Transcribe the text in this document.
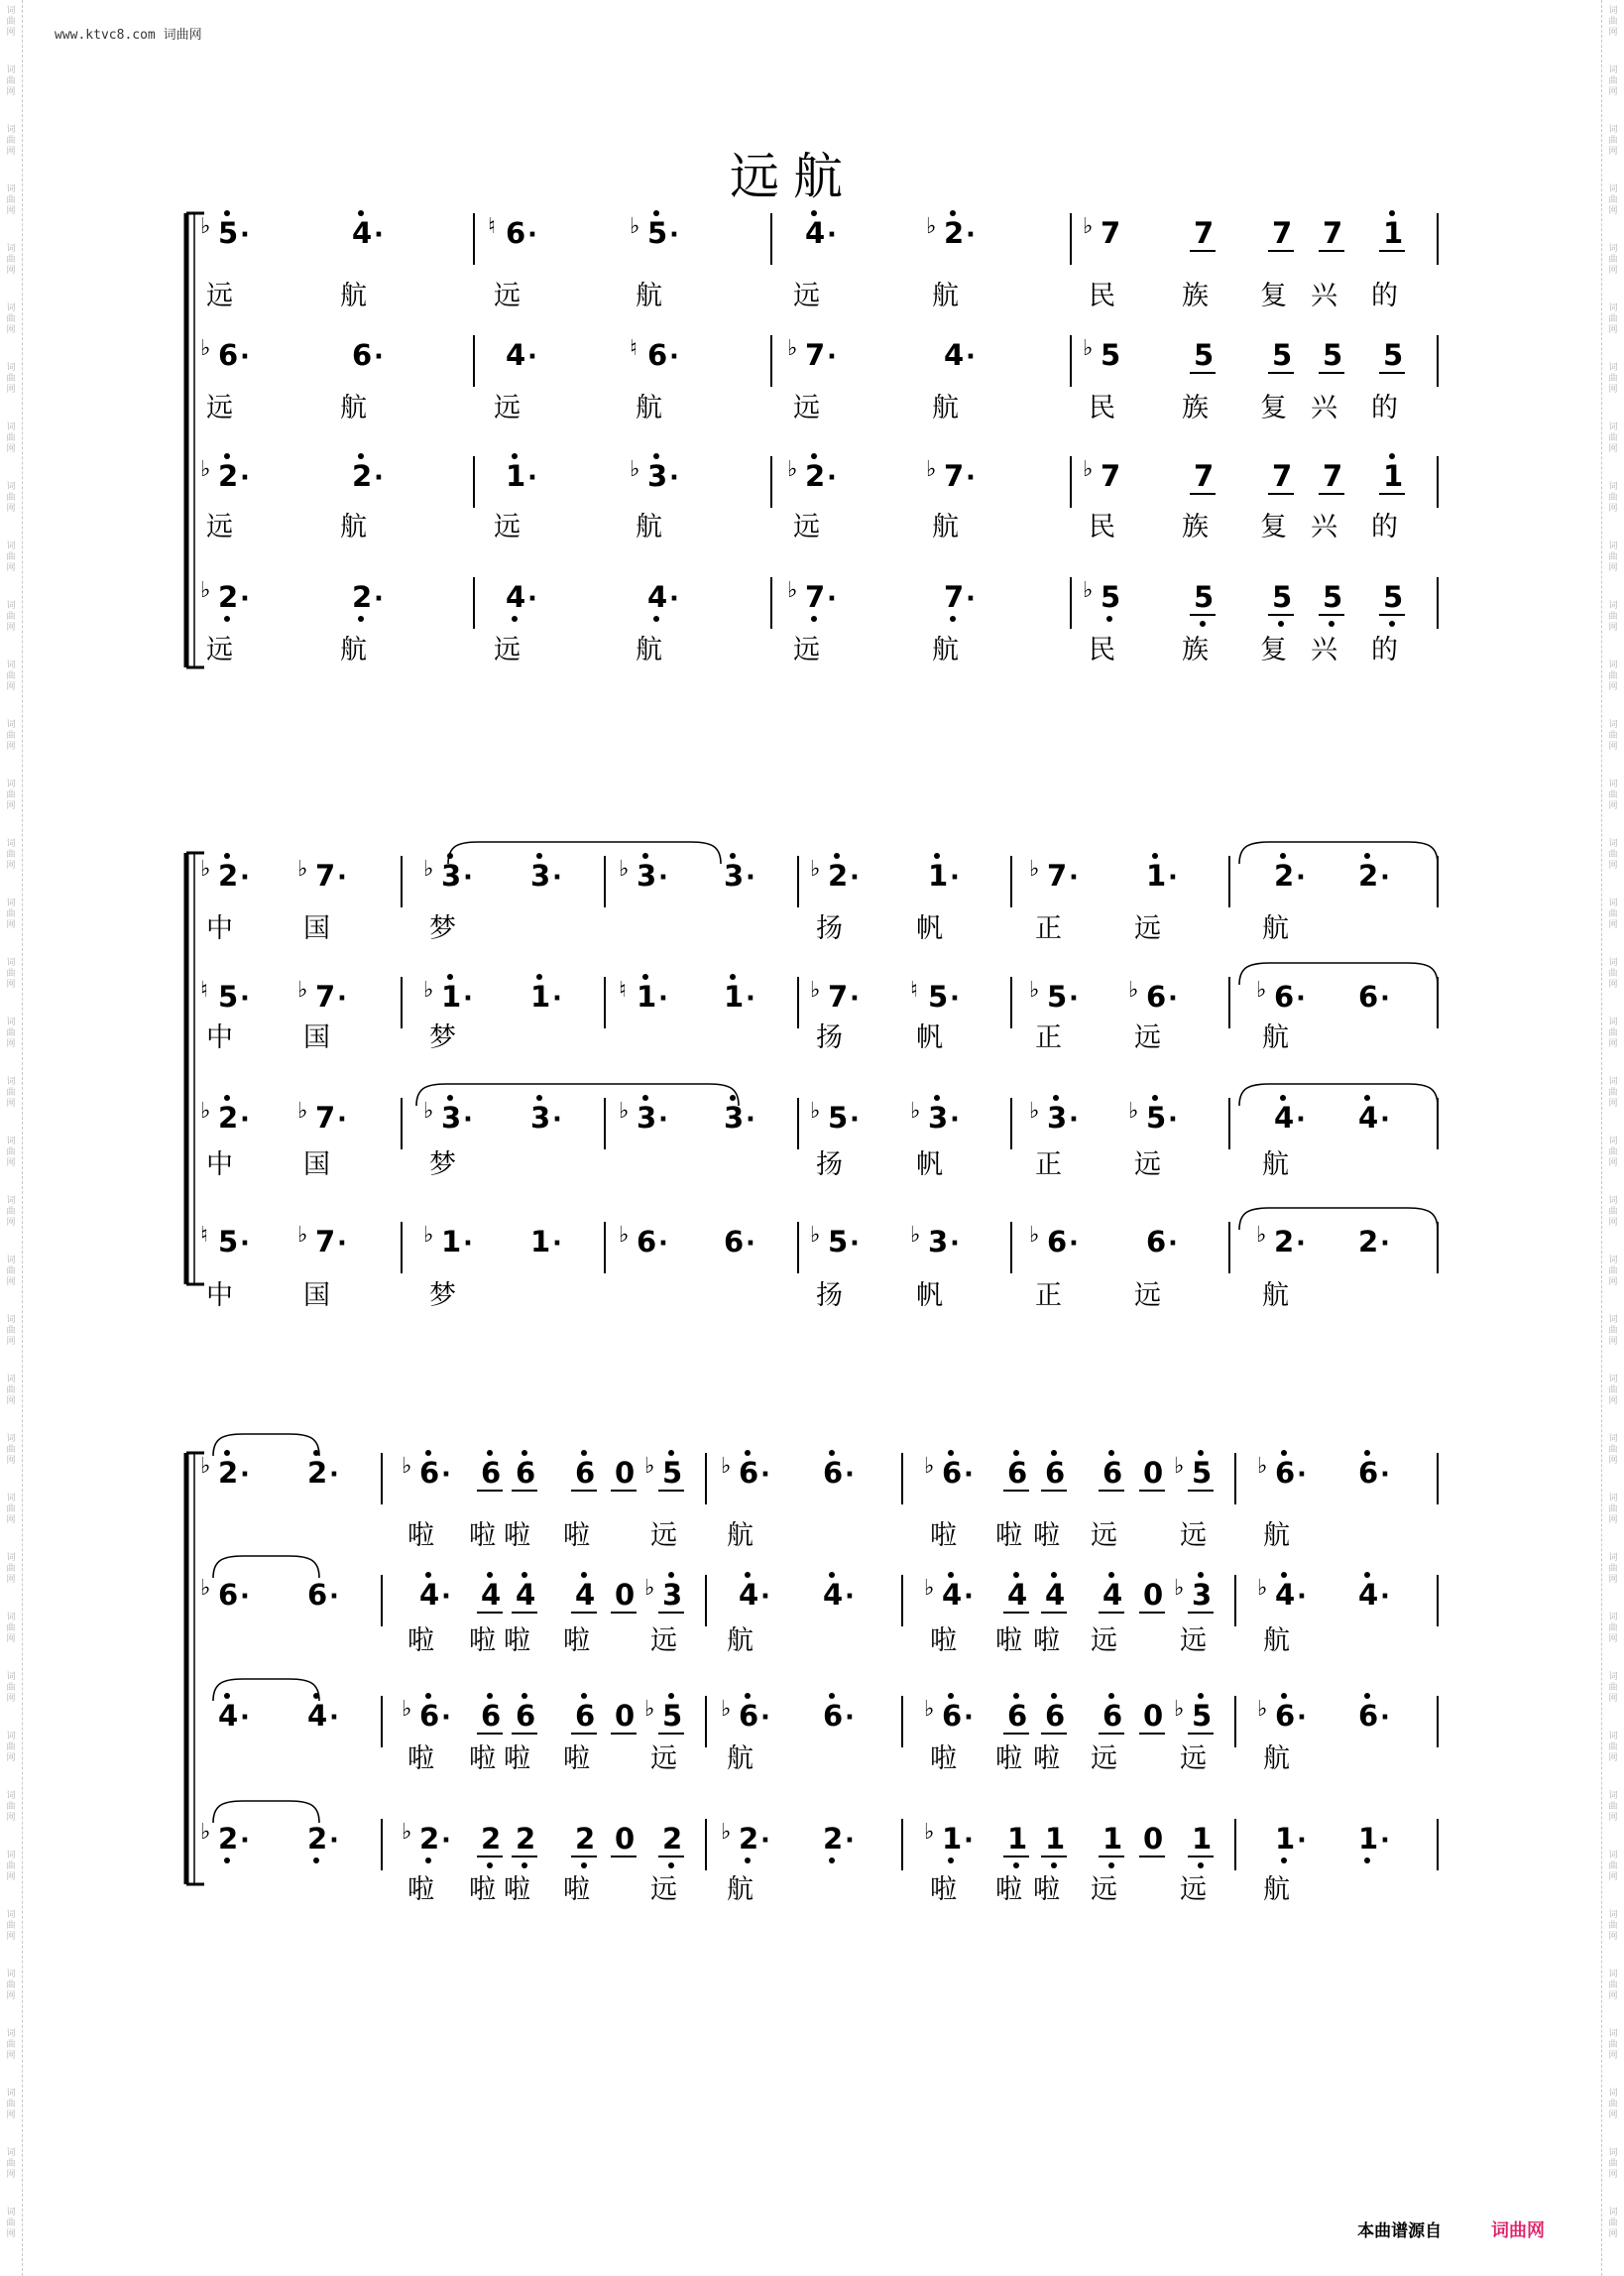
www.ktvc8.com 词曲网
远航
词
曲
网
词
曲
网
词
曲
网
词
曲
网
词
曲
网
词
曲
网
词
曲
网
词
曲
网
词
曲
网
词
曲
网
词
曲
网
词
曲
网
词
曲
网
词
曲
网
词
曲
网
词
曲
网
词
曲
网
词
曲
网
词
曲
网
词
曲
网
词
曲
网
词
曲
网
词
曲
网
词
曲
网
词
曲
网
词
曲
网
词
曲
网
词
曲
网
词
曲
网
词
曲
网
词
曲
网
词
曲
网
词
曲
网
词
曲
网
词
曲
网
词
曲
网
词
曲
网
词
曲
网
词
曲
网
词
曲
网
词
曲
网
词
曲
网
词
曲
网
词
曲
网
词
曲
网
词
曲
网
词
曲
网
词
曲
网
词
曲
网
词
曲
网
词
曲
网
词
曲
网
词
曲
网
词
曲
网
词
曲
网
词
曲
网
词
曲
网
词
曲
网
词
曲
网
词
曲
网
词
曲
网
词
曲
网
词
曲
网
词
曲
网
词
曲
网
词
曲
网
词
曲
网
词
曲
网
词
曲
网
词
曲
网
词
曲
网
词
曲
网
词
曲
网
词
曲
网
词
曲
网
词
曲
网
♭ 5 ·	4 ·	♮ 6 ·	♭ 5 ·	4 ·	♭ 2 ·	♭ 7	7 7 7 1
远	航	远	航	远	航	民 族 复 兴 的
♭ 6 ·	6 ·	4 ·	♮ 6 ·	♭ 7 ·	4 ·	♭ 5	5 5 5 5
远	航	远	航	远	航	民 族 复 兴 的
♭ 2 ·	2 ·	1 ·	♭ 3 ·	♭ 2 ·	♭ 7 ·	♭ 7	7 7 7 1
远	航	远	航	远	航	民 族 复 兴 的
♭ 2 ·	2 ·	4 ·	4 ·	♭ 7 ·	7 ·	♭ 5	5 5 5 5
远	航	远	航	远	航	民 族 复 兴 的
♭ 2 · ♭ 7 ·	♭ 3 · 3 ·	♭ 3 · 3 ·	♭ 2 · 1 ·	♭ 7 · 1 ·	2 · 2 ·
中	国	梦	扬	帆	正	远	航
♮ 5 · ♭ 7 ·	♭ 1 · 1 ·	♮ 1 · 1 ·	♭ 7 · ♮ 5 ·	♭ 5 · ♭ 6 ·	♭ 6 · 6 ·
中	国	梦	扬	帆	正	远	航
♭ 2 · ♭ 7 ·	♭ 3 · 3 ·	♭ 3 · 3 ·	♭ 5 · ♭ 3 ·	♭ 3 · ♭ 5 ·	4 · 4 ·
中	国	梦	扬	帆	正	远	航
♮ 5 · ♭ 7 ·	♭ 1 · 1 ·	♭ 6 · 6 ·	♭ 5 · ♭ 3 ·	♭ 6 · 6 ·	♭ 2 · 2 ·
中	国	梦	扬	帆	正	远	航
♭ 2 · 2 ·	♭ 6 · 6 6 6 0 ♭ 5 ♭ 6 · 6 ·	♭ 6 · 6 6 6 0 ♭ 5 ♭ 6 · 6 ·
啦 啦 啦 啦 远 航	啦 啦 啦 远 远 航
♭ 6 · 6 ·	4 · 4 4 4 0 ♭ 3 4 · 4 ·	♭ 4 · 4 4 4 0 ♭ 3 ♭ 4 · 4 ·
啦 啦 啦 啦 远 航	啦 啦 啦 远 远 航
4 · 4 ·	♭ 6 · 6 6 6 0 ♭ 5 ♭ 6 · 6 ·	♭ 6 · 6 6 6 0 ♭ 5 ♭ 6 · 6 ·
啦 啦 啦 啦 远 航	啦 啦 啦 远 远 航
♭ 2 · 2 ·	♭ 2 · 2 2 2 0 2 ♭ 2 · 2 ·	♭ 1 · 1 1 1 0 1 1 · 1 ·
啦 啦 啦 啦 远 航	啦 啦 啦 远 远 航
本曲谱源自	词曲网
